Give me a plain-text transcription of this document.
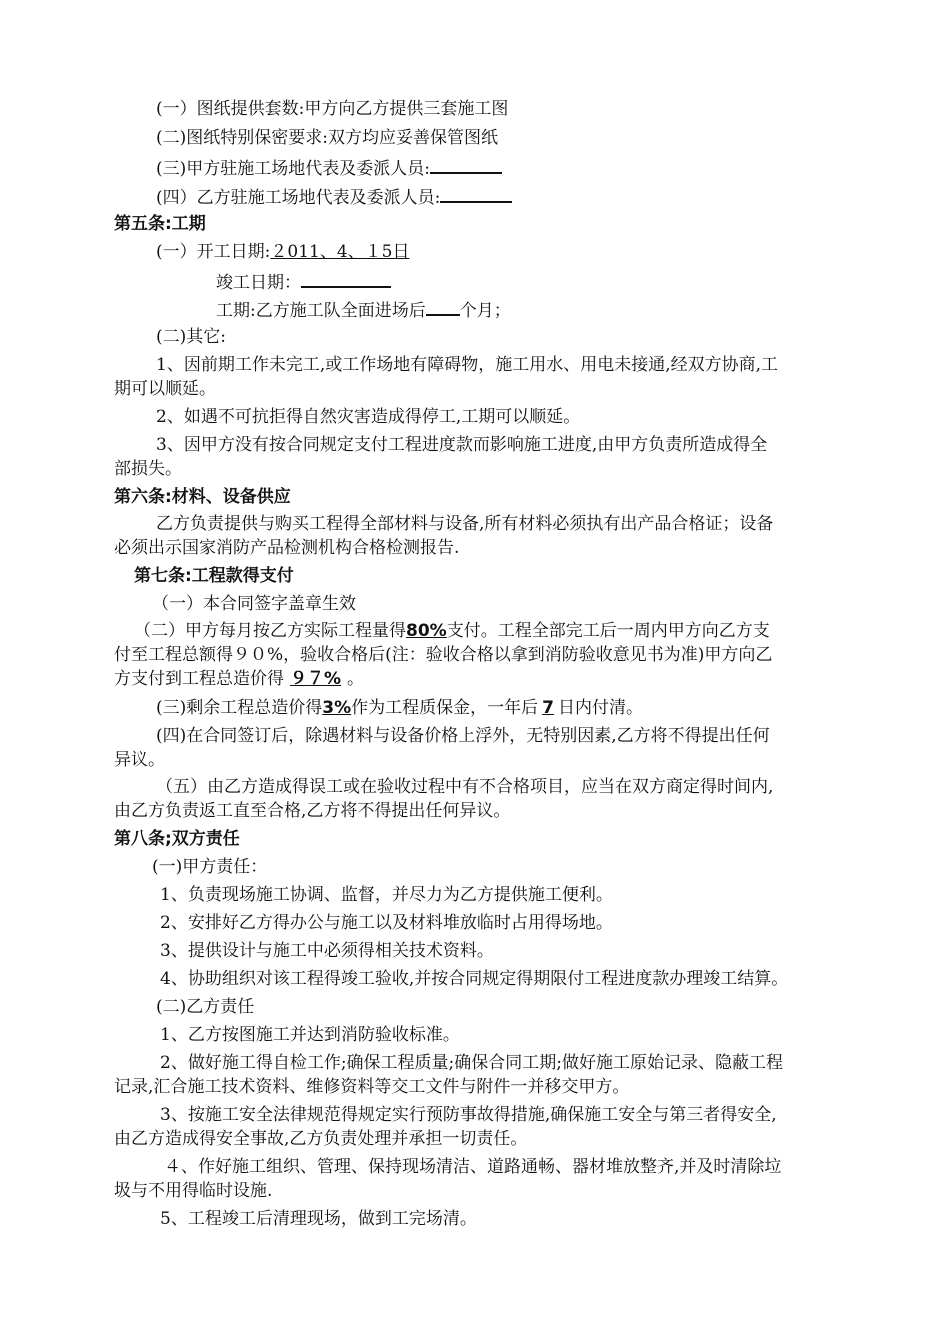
(一）图纸提供套数:甲方向乙方提供三套施工图
(二)图纸特别保密要求:双方均应妥善保管图纸
(三)甲方驻施工场地代表及委派人员:
(四）乙方驻施工场地代表及委派人员:
第五条:工期
(一）开工日期:２011、4、１5日
竣工日期：
工期:乙方施工队全面进场后 个月；
(二)其它:
1、因前期工作未完工,或工作场地有障碍物，施工用水、用电未接通,经双方协商,工
期可以顺延。
2、如遇不可抗拒得自然灾害造成得停工,工期可以顺延。
3、因甲方没有按合同规定支付工程进度款而影响施工进度,由甲方负责所造成得全
部损失。
第六条:材料、设备供应
乙方负责提供与购买工程得全部材料与设备,所有材料必须执有出产品合格证；设备
必须出示国家消防产品检测机构合格检测报告.
第七条:工程款得支付
（一）本合同签字盖章生效
（二）甲方每月按乙方实际工程量得80%支付。工程全部完工后一周内甲方向乙方支
付至工程总额得９０%，验收合格后(注：验收合格以拿到消防验收意见书为准)甲方向乙
方支付到工程总造价得 ９７% 。
(三)剩余工程总造价得3%作为工程质保金，一年后 7 日内付清。
(四)在合同签订后，除遇材料与设备价格上浮外，无特别因素,乙方将不得提出任何
异议。
（五）由乙方造成得误工或在验收过程中有不合格项目，应当在双方商定得时间内,
由乙方负责返工直至合格,乙方将不得提出任何异议。
第八条;双方责任
(一)甲方责任：
1、负责现场施工协调、监督，并尽力为乙方提供施工便利。
2、安排好乙方得办公与施工以及材料堆放临时占用得场地。
3、提供设计与施工中必须得相关技术资料。
4、协助组织对该工程得竣工验收,并按合同规定得期限付工程进度款办理竣工结算。
(二)乙方责任
1、乙方按图施工并达到消防验收标准。
2、做好施工得自检工作;确保工程质量;确保合同工期;做好施工原始记录、隐蔽工程
记录,汇合施工技术资料、维修资料等交工文件与附件一并移交甲方。
3、按施工安全法律规范得规定实行预防事故得措施,确保施工安全与第三者得安全,
由乙方造成得安全事故,乙方负责处理并承担一切责任。
４、作好施工组织、管理、保持现场清洁、道路通畅、器材堆放整齐,并及时清除垃
圾与不用得临时设施.
5、工程竣工后清理现场，做到工完场清。
